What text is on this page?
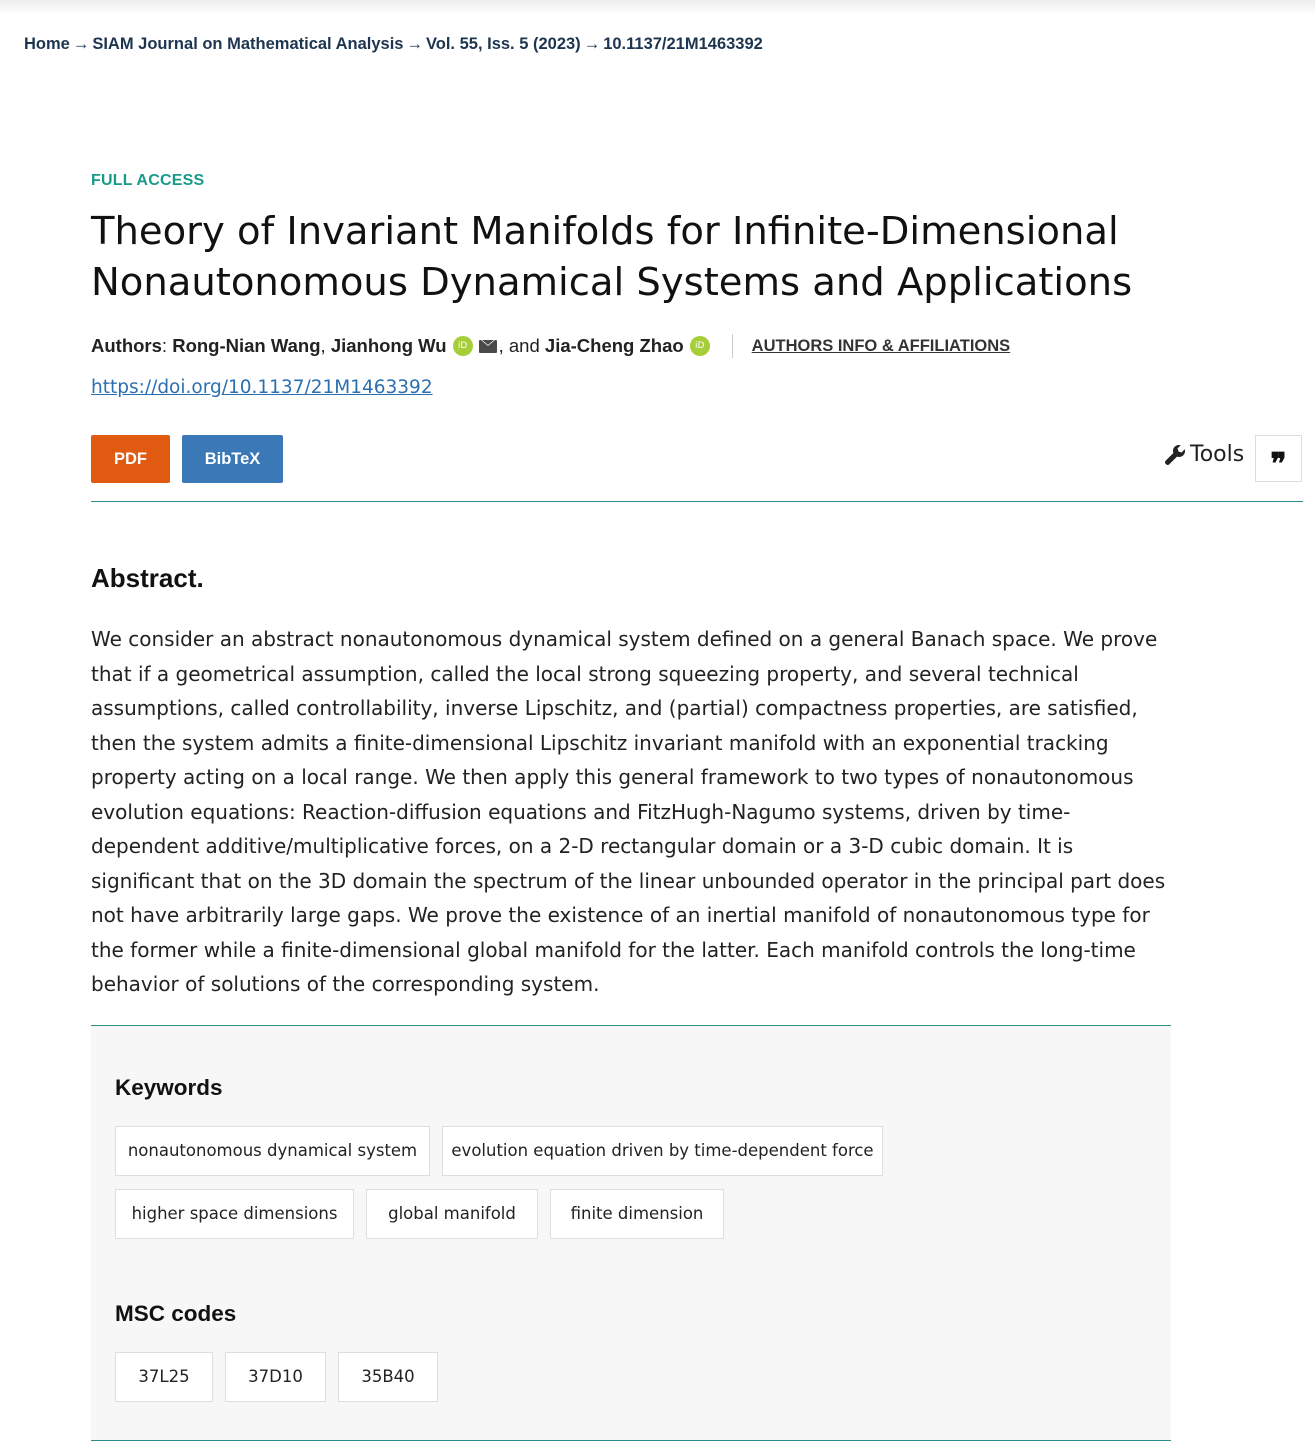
Home → SIAM Journal on Mathematical Analysis → Vol. 55, Iss. 5 (2023) → 10.1137/21M1463392
FULL ACCESS
Theory of Invariant Manifolds for Infinite-Dimensional Nonautonomous Dynamical Systems and Applications
Authors : Rong-Nian Wang , Jianhong Wu	iD , and
Jia-Cheng Zhao	iD	AUTHORS INFO & AFFILIATIONS
https://doi.org/10.1137/21M1463392
PDF	BibTeX	Tools ❞
Abstract.

We consider an abstract nonautonomous dynamical system defined on a general Banach space. We prove that if a geometrical assumption, called the local strong squeezing property, and several technical assumptions, called controllability, inverse Lipschitz, and (partial) compactness properties, are satisfied, then the system admits a finite-dimensional Lipschitz invariant manifold with an exponential tracking property acting on a local range. We then apply this general framework to two types of nonautonomous evolution equations: Reaction-diffusion equations and FitzHugh-Nagumo systems, driven by time-dependent additive/multiplicative forces, on a 2-D rectangular domain or a 3-D cubic domain. It is significant that on the 3D domain the spectrum of the linear unbounded operator in the principal part does not have arbitrarily large gaps. We prove the existence of an inertial manifold of nonautonomous type for the former while a finite-dimensional global manifold for the latter. Each manifold controls the long-time behavior of solutions of the corresponding system.

Keywords
nonautonomous dynamical system	evolution equation driven by time-dependent force
higher space dimensions	global manifold	finite dimension
MSC codes
37L25	37D10	35B40
